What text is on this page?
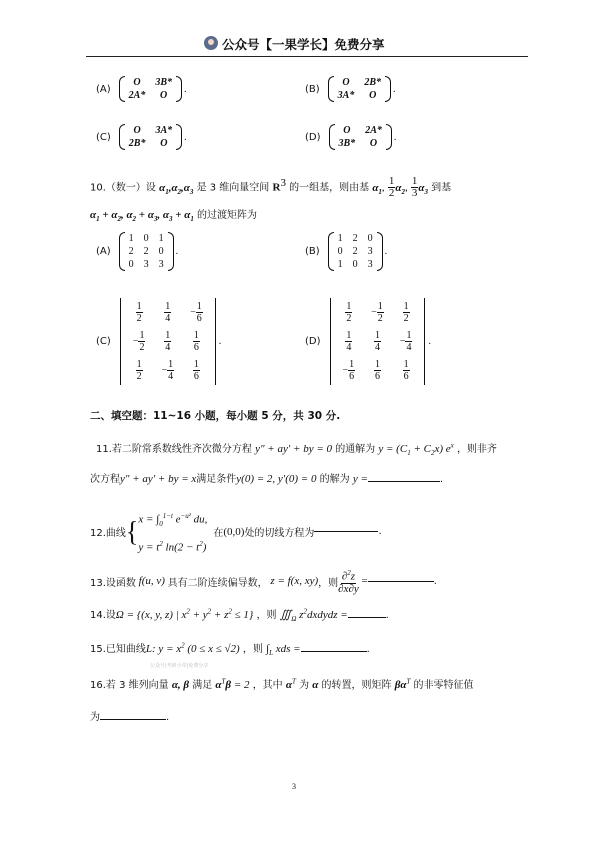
公众号【一果学长】免费分享
(A)
O	3B*
2A*	O
.	(B)
O	2B*
3A*	O
.
(C)
O	3A*
2B*	O
.	(D)
O	2A*
3B*	O
.
10.（数一）设 $\alpha_1,\alpha_2,\alpha_3$ 是 3 维向量空间 $R^3$ 的一组基，则由基 $\alpha_1$, $\frac{1}{2} \alpha_2$, $\frac{1}{3} \alpha_3$ 到基
$\alpha_1 + \alpha_2$, $\alpha_2 + \alpha_3$, $\alpha_3 + \alpha_1$ 的过渡矩阵为
(A)
1	0	1
2	2	0
0	3	3
.	(B)
1	2	0
0	2	3
1	0	3
.
(C)
$\frac{1}{2}$	$\frac{1}{4}$	− $\frac{1}{6}$

− $\frac{1}{2}$	$\frac{1}{4}$	$\frac{1}{6}$

$\frac{1}{2}$	− $\frac{1}{4}$	$\frac{1}{6}$
.	(D)
$\frac{1}{2}$	− $\frac{1}{2}$	$\frac{1}{2}$

$\frac{1}{4}$	$\frac{1}{4}$	− $\frac{1}{4}$

− $\frac{1}{6}$	$\frac{1}{6}$	$\frac{1}{6}$
.
二、填空题：11~16 小题，每小题 5 分，共 30 分.
11.若二阶常系数线性齐次微分方程 y″ + ay′ + by = 0 的通解为 $y = (C_1 + C_2x)$ $e^x$ ，则非齐
次方程y″ + ay′ + by = x满足条件y(0) = 2, y′(0) = 0 的解为 y =	.
12.曲线 { $x = \int_0^{1-t}$ $e^{-u^2}$ du,
$y = t^2$ $\ln(2 - t^2)$
在 (0,0) 处的切线方程为	.
13.设函数 f(u, v) 具有二阶连续偏导数， z = f(x, xy) ，则 $\frac{\partial^2z}{\partial x\partial y}$ =	.
14.设Ω = {(x, y, z) | $x^2 + y^2 + z^2 \le 1$} ，则 $∭_\Omega$ $z^2dxdydz$ =	.
15.已知曲线L: $y = x^2$ (0 ≤ x ≤ √2) ，则 $\int_L$ xds =	.
公众号|考研小帝|免费分享
16.若 3 维列向量 α, β 满足 $\alpha^T\beta = 2$ ，其中 $\alpha^T$ 为 α 的转置，则矩阵 $\beta\alpha^T$ 的非零特征值
为	.
3
